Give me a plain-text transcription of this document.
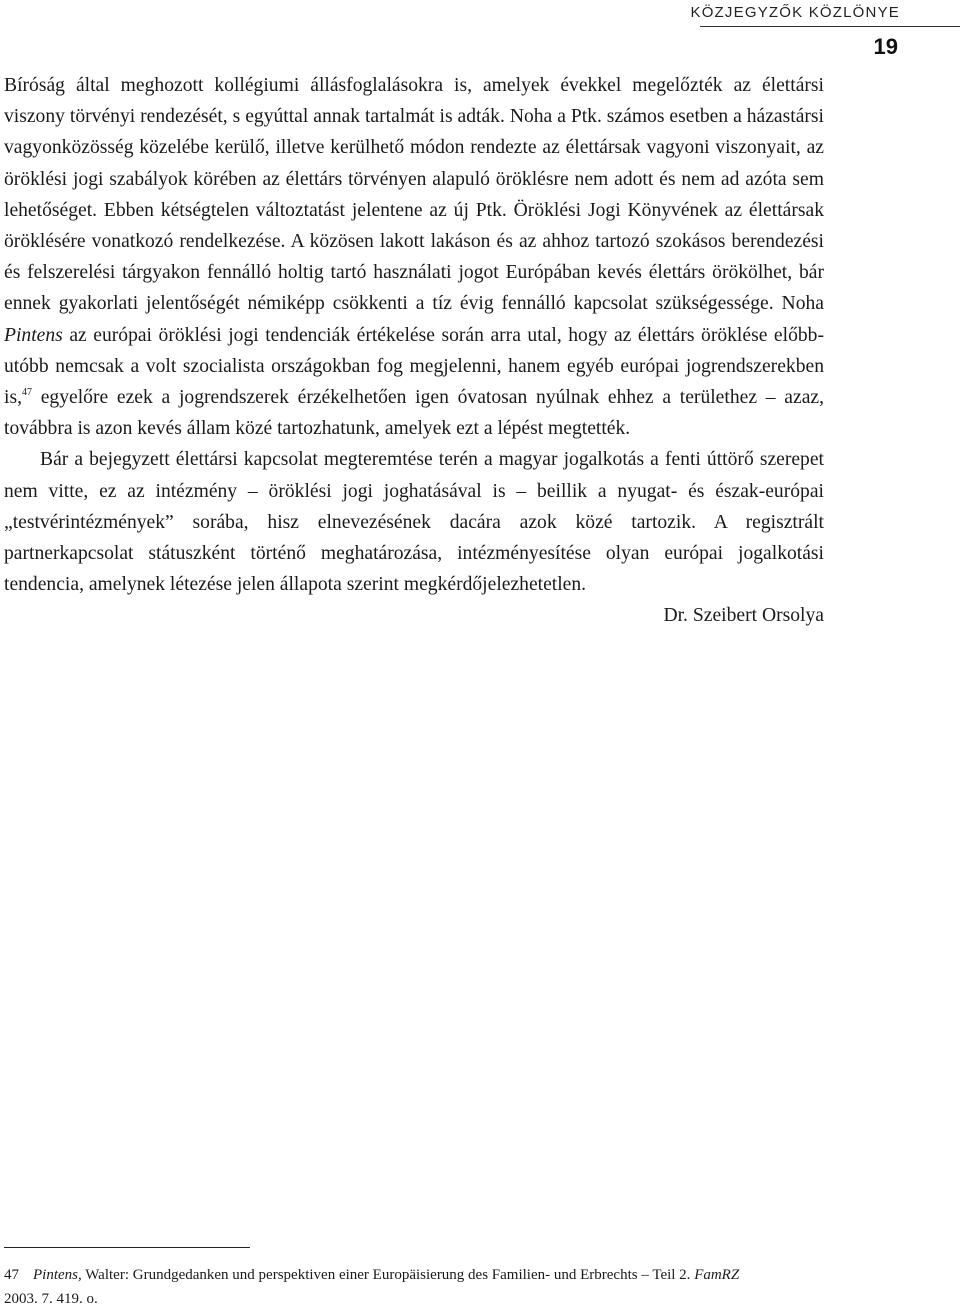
KÖZJEGYZŐK KÖZLÖNYE
19

Bíróság által meghozott kollégiumi állásfoglalásokra is, amelyek évekkel megelőzték az élettársi viszony törvényi rendezését, s egyúttal annak tartalmát is adták. Noha a Ptk. számos esetben a házastársi vagyonközösség közelébe kerülő, illetve kerülhető módon rendezte az élettársak vagyoni viszonyait, az öröklési jogi szabályok körében az élettárs törvényen alapuló öröklésre nem adott és nem ad azóta sem lehetőséget. Ebben kétségtelen változtatást jelentene az új Ptk. Öröklési Jogi Könyvének az élettársak öröklésére vonatkozó rendelkezése. A közösen lakott lakáson és az ahhoz tartozó szokásos berendezési és felszerelési tárgyakon fennálló holtig tartó használati jogot Európában kevés élettárs örökölhet, bár ennek gyakorlati jelentőségét némiképp csökkenti a tíz évig fennálló kapcsolat szükségessége. Noha Pintens az európai öröklési jogi tendenciák értékelése során arra utal, hogy az élettárs öröklése előbb-utóbb nemcsak a volt szocialista országokban fog megjelenni, hanem egyéb európai jogrendszerekben is,$^{47}$ egyelőre ezek a jogrendszerek érzékelhetően igen óvatosan nyúlnak ehhez a területhez – azaz, továbbra is azon kevés állam közé tartozhatunk, amelyek ezt a lépést megtették.

Bár a bejegyzett élettársi kapcsolat megteremtése terén a magyar jogalkotás a fenti úttörő szerepet nem vitte, ez az intézmény – öröklési jogi joghatásával is – beillik a nyugat- és észak-európai „testvérintézmények” sorába, hisz elnevezésének dacára azok közé tartozik. A regisztrált partnerkapcsolat státuszként történő meghatározása, intézményesítése olyan európai jogalkotási tendencia, amelynek létezése jelen állapota szerint megkérdőjelezhetetlen.

Dr. Szeibert Orsolya

47 Pintens, Walter: Grundgedanken und perspektiven einer Europäisierung des Familien- und Erbrechts – Teil 2. FamRZ
2003. 7. 419. o.
